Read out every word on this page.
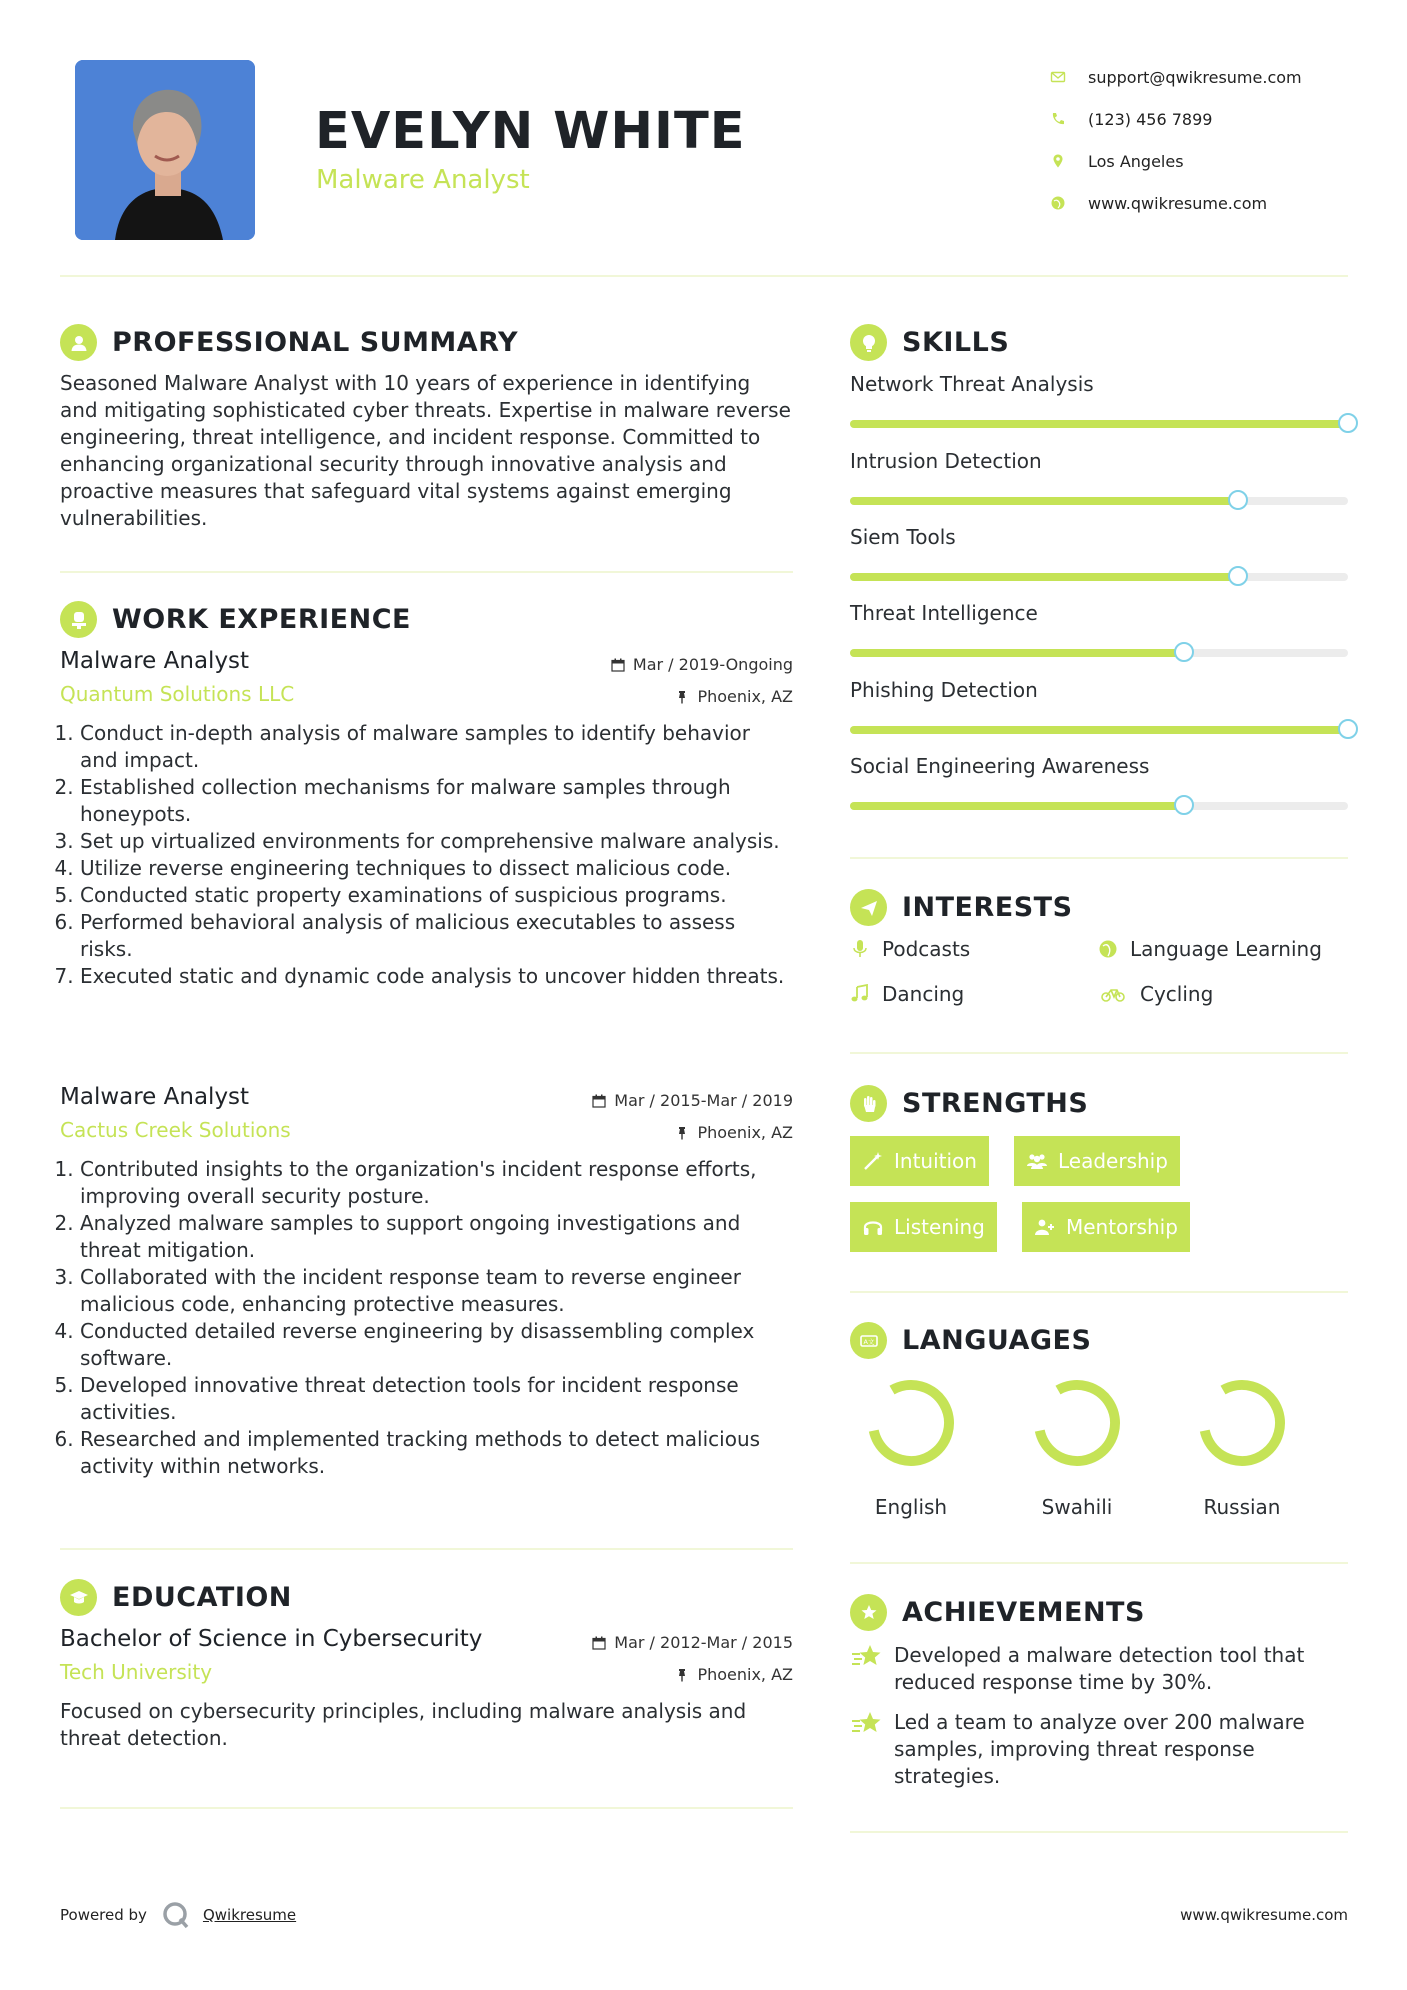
EVELYN WHITE
Malware Analyst
support@qwikresume.com
(123) 456 7899
Los Angeles
www.qwikresume.com
PROFESSIONAL SUMMARY
Seasoned Malware Analyst with 10 years of experience in identifying and mitigating sophisticated cyber threats. Expertise in malware reverse engineering, threat intelligence, and incident response. Committed to enhancing organizational security through innovative analysis and proactive measures that safeguard vital systems against emerging vulnerabilities.
WORK EXPERIENCE
Malware Analyst	Mar / 2019-Ongoing
Quantum Solutions LLC	Phoenix, AZ
1. Conduct in-depth analysis of malware samples to identify behavior and impact.
2. Established collection mechanisms for malware samples through honeypots.
3. Set up virtualized environments for comprehensive malware analysis.
4. Utilize reverse engineering techniques to dissect malicious code.
5. Conducted static property examinations of suspicious programs.
6. Performed behavioral analysis of malicious executables to assess risks.
7. Executed static and dynamic code analysis to uncover hidden threats.
Malware Analyst	Mar / 2015-Mar / 2019
Cactus Creek Solutions	Phoenix, AZ
1. Contributed insights to the organization's incident response efforts, improving overall security posture.
2. Analyzed malware samples to support ongoing investigations and threat mitigation.
3. Collaborated with the incident response team to reverse engineer malicious code, enhancing protective measures.
4. Conducted detailed reverse engineering by disassembling complex software.
5. Developed innovative threat detection tools for incident response activities.
6. Researched and implemented tracking methods to detect malicious activity within networks.
EDUCATION
Bachelor of Science in Cybersecurity	Mar / 2012-Mar / 2015
Tech University	Phoenix, AZ
Focused on cybersecurity principles, including malware analysis and threat detection.
SKILLS
Network Threat Analysis
Intrusion Detection
Siem Tools
Threat Intelligence
Phishing Detection
Social Engineering Awareness
INTERESTS
Podcasts	Language Learning
Dancing	Cycling
STRENGTHS
Intuition	Leadership
Listening	Mentorship
A文 LANGUAGES
English	Swahili	Russian
ACHIEVEMENTS
Developed a malware detection tool that reduced response time by 30%.
Led a team to analyze over 200 malware samples, improving threat response strategies.
Powered by	Qwikresume	www.qwikresume.com
